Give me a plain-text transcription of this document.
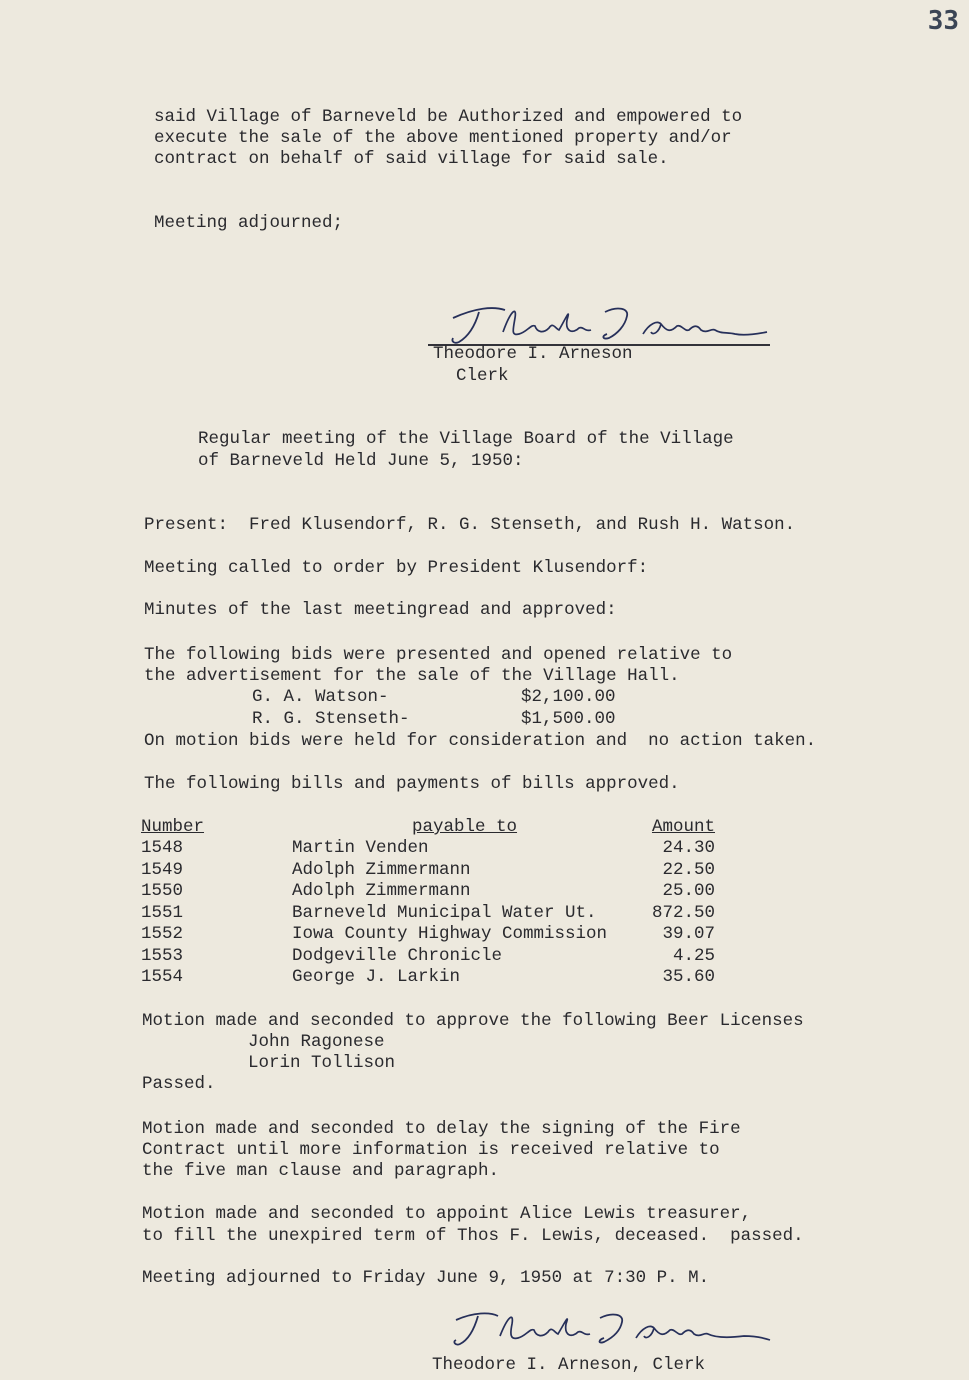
33
said Village of Barneveld be Authorized and empowered to
execute the sale of the above mentioned property and/or
contract on behalf of said village for said sale.
Meeting adjourned;
Theodore I. Arneson
Clerk
Regular meeting of the Village Board of the Village
of Barneveld Held June 5, 1950:
Present:  Fred Klusendorf, R. G. Stenseth, and Rush H. Watson.
Meeting called to order by President Klusendorf:
Minutes of the last meetingread and approved:
The following bids were presented and opened relative to
the advertisement for the sale of the Village Hall.
G. A. Watson-	$2,100.00
R. G. Stenseth-	$1,500.00
On motion bids were held for consideration and  no action taken.
The following bills and payments of bills approved.
Number	payable to	Amount
1548	Martin Venden	24.30
1549	Adolph Zimmermann	22.50
1550	Adolph Zimmermann	25.00
1551	Barneveld Municipal Water Ut.	872.50
1552	Iowa County Highway Commission	39.07
1553	Dodgeville Chronicle	4.25
1554	George J. Larkin	35.60
Motion made and seconded to approve the following Beer Licenses
John Ragonese
Lorin Tollison
Passed.
Motion made and seconded to delay the signing of the Fire
Contract until more information is received relative to
the five man clause and paragraph.
Motion made and seconded to appoint Alice Lewis treasurer,
to fill the unexpired term of Thos F. Lewis, deceased.  passed.
Meeting adjourned to Friday June 9, 1950 at 7:30 P. M.
Theodore I. Arneson, Clerk
